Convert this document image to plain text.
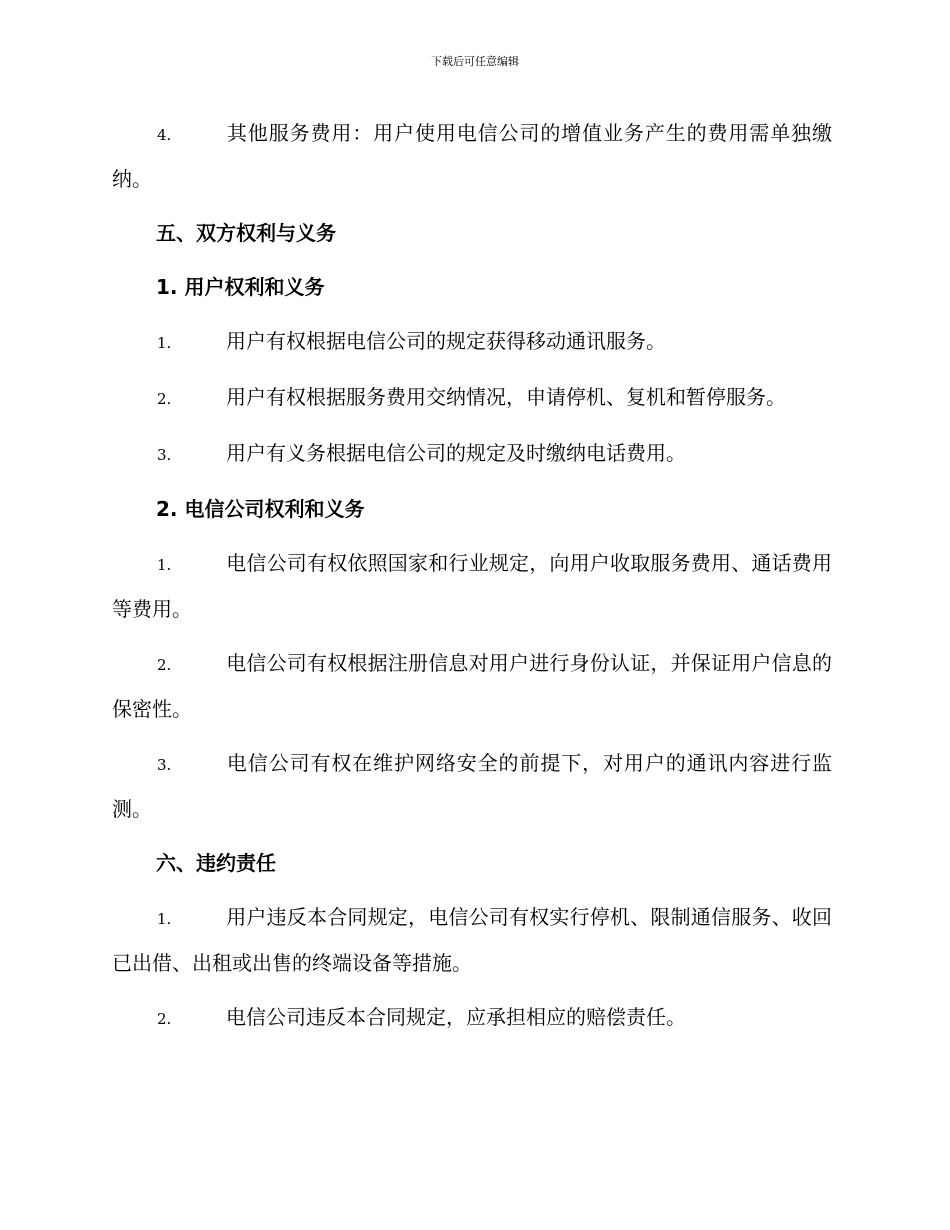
下载后可任意编辑

4.	其他服务费用：用户使用电信公司的增值业务产生的费用需单独缴纳。

五、双方权利与义务

1. 用户权利和义务

1.	用户有权根据电信公司的规定获得移动通讯服务。

2.	用户有权根据服务费用交纳情况，申请停机、复机和暂停服务。

3.	用户有义务根据电信公司的规定及时缴纳电话费用。

2. 电信公司权利和义务

1.	电信公司有权依照国家和行业规定，向用户收取服务费用、通话费用等费用。

2.	电信公司有权根据注册信息对用户进行身份认证，并保证用户信息的保密性。

3.	电信公司有权在维护网络安全的前提下，对用户的通讯内容进行监测。

六、违约责任

1.	用户违反本合同规定，电信公司有权实行停机、限制通信服务、收回已出借、出租或出售的终端设备等措施。

2.	电信公司违反本合同规定，应承担相应的赔偿责任。
